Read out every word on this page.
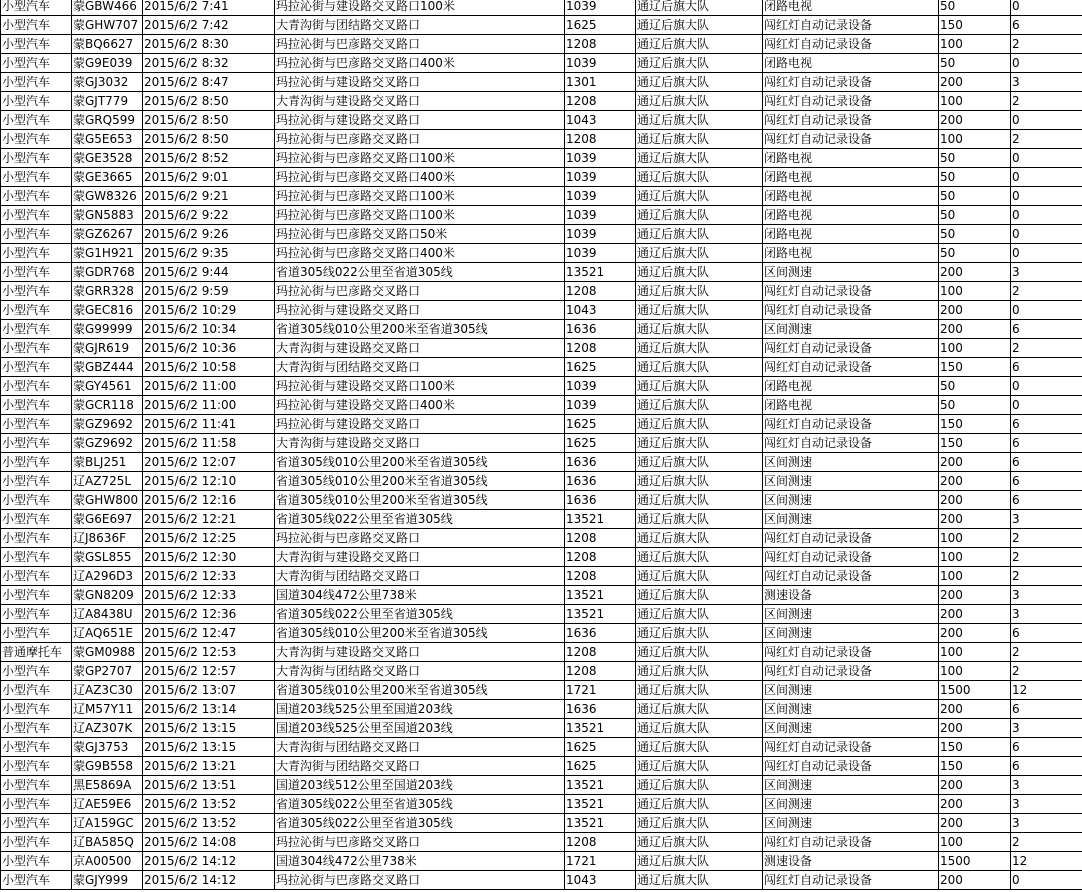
小型汽车	蒙GBW466	2015/6/2 7:41	玛拉沁街与建设路交叉路口100米	1039	通辽后旗大队	闭路电视	50	0
小型汽车	蒙GHW707	2015/6/2 7:42	大青沟街与团结路交叉路口	1625	通辽后旗大队	闯红灯自动记录设备	150	6
小型汽车	蒙BQ6627	2015/6/2 8:30	玛拉沁街与巴彦路交叉路口	1208	通辽后旗大队	闯红灯自动记录设备	100	2
小型汽车	蒙G9E039	2015/6/2 8:32	玛拉沁街与巴彦路交叉路口400米	1039	通辽后旗大队	闭路电视	50	0
小型汽车	蒙GJ3032	2015/6/2 8:47	玛拉沁街与建设路交叉路口	1301	通辽后旗大队	闯红灯自动记录设备	200	3
小型汽车	蒙GJT779	2015/6/2 8:50	大青沟街与建设路交叉路口	1208	通辽后旗大队	闯红灯自动记录设备	100	2
小型汽车	蒙GRQ599	2015/6/2 8:50	玛拉沁街与建设路交叉路口	1043	通辽后旗大队	闯红灯自动记录设备	200	0
小型汽车	蒙G5E653	2015/6/2 8:50	玛拉沁街与巴彦路交叉路口	1208	通辽后旗大队	闯红灯自动记录设备	100	2
小型汽车	蒙GE3528	2015/6/2 8:52	玛拉沁街与巴彦路交叉路口100米	1039	通辽后旗大队	闭路电视	50	0
小型汽车	蒙GE3665	2015/6/2 9:01	玛拉沁街与巴彦路交叉路口400米	1039	通辽后旗大队	闭路电视	50	0
小型汽车	蒙GW8326	2015/6/2 9:21	玛拉沁街与巴彦路交叉路口100米	1039	通辽后旗大队	闭路电视	50	0
小型汽车	蒙GN5883	2015/6/2 9:22	玛拉沁街与巴彦路交叉路口100米	1039	通辽后旗大队	闭路电视	50	0
小型汽车	蒙GZ6267	2015/6/2 9:26	玛拉沁街与巴彦路交叉路口50米	1039	通辽后旗大队	闭路电视	50	0
小型汽车	蒙G1H921	2015/6/2 9:35	玛拉沁街与巴彦路交叉路口400米	1039	通辽后旗大队	闭路电视	50	0
小型汽车	蒙GDR768	2015/6/2 9:44	省道305线022公里至省道305线	13521	通辽后旗大队	区间测速	200	3
小型汽车	蒙GRR328	2015/6/2 9:59	玛拉沁街与巴彦路交叉路口	1208	通辽后旗大队	闯红灯自动记录设备	100	2
小型汽车	蒙GEC816	2015/6/2 10:29	玛拉沁街与建设路交叉路口	1043	通辽后旗大队	闯红灯自动记录设备	200	0
小型汽车	蒙G99999	2015/6/2 10:34	省道305线010公里200米至省道305线	1636	通辽后旗大队	区间测速	200	6
小型汽车	蒙GJR619	2015/6/2 10:36	大青沟街与建设路交叉路口	1208	通辽后旗大队	闯红灯自动记录设备	100	2
小型汽车	蒙GBZ444	2015/6/2 10:58	大青沟街与团结路交叉路口	1625	通辽后旗大队	闯红灯自动记录设备	150	6
小型汽车	蒙GY4561	2015/6/2 11:00	玛拉沁街与建设路交叉路口100米	1039	通辽后旗大队	闭路电视	50	0
小型汽车	蒙GCR118	2015/6/2 11:00	玛拉沁街与建设路交叉路口400米	1039	通辽后旗大队	闭路电视	50	0
小型汽车	蒙GZ9692	2015/6/2 11:41	玛拉沁街与建设路交叉路口	1625	通辽后旗大队	闯红灯自动记录设备	150	6
小型汽车	蒙GZ9692	2015/6/2 11:58	大青沟街与建设路交叉路口	1625	通辽后旗大队	闯红灯自动记录设备	150	6
小型汽车	蒙BLJ251	2015/6/2 12:07	省道305线010公里200米至省道305线	1636	通辽后旗大队	区间测速	200	6
小型汽车	辽AZ725L	2015/6/2 12:10	省道305线010公里200米至省道305线	1636	通辽后旗大队	区间测速	200	6
小型汽车	蒙GHW800	2015/6/2 12:16	省道305线010公里200米至省道305线	1636	通辽后旗大队	区间测速	200	6
小型汽车	蒙G6E697	2015/6/2 12:21	省道305线022公里至省道305线	13521	通辽后旗大队	区间测速	200	3
小型汽车	辽J8636F	2015/6/2 12:25	玛拉沁街与巴彦路交叉路口	1208	通辽后旗大队	闯红灯自动记录设备	100	2
小型汽车	蒙GSL855	2015/6/2 12:30	大青沟街与建设路交叉路口	1208	通辽后旗大队	闯红灯自动记录设备	100	2
小型汽车	辽A296D3	2015/6/2 12:33	大青沟街与团结路交叉路口	1208	通辽后旗大队	闯红灯自动记录设备	100	2
小型汽车	蒙GN8209	2015/6/2 12:33	国道304线472公里738米	13521	通辽后旗大队	测速设备	200	3
小型汽车	辽A8438U	2015/6/2 12:36	省道305线022公里至省道305线	13521	通辽后旗大队	区间测速	200	3
小型汽车	辽AQ651E	2015/6/2 12:47	省道305线010公里200米至省道305线	1636	通辽后旗大队	区间测速	200	6
普通摩托车	蒙GM0988	2015/6/2 12:53	大青沟街与建设路交叉路口	1208	通辽后旗大队	闯红灯自动记录设备	100	2
小型汽车	蒙GP2707	2015/6/2 12:57	大青沟街与团结路交叉路口	1208	通辽后旗大队	闯红灯自动记录设备	100	2
小型汽车	辽AZ3C30	2015/6/2 13:07	省道305线010公里200米至省道305线	1721	通辽后旗大队	区间测速	1500	12
小型汽车	辽M57Y11	2015/6/2 13:14	国道203线525公里至国道203线	1636	通辽后旗大队	区间测速	200	6
小型汽车	辽AZ307K	2015/6/2 13:15	国道203线525公里至国道203线	13521	通辽后旗大队	区间测速	200	3
小型汽车	蒙GJ3753	2015/6/2 13:15	大青沟街与团结路交叉路口	1625	通辽后旗大队	闯红灯自动记录设备	150	6
小型汽车	蒙G9B558	2015/6/2 13:21	大青沟街与团结路交叉路口	1625	通辽后旗大队	闯红灯自动记录设备	150	6
小型汽车	黑E5869A	2015/6/2 13:51	国道203线512公里至国道203线	13521	通辽后旗大队	区间测速	200	3
小型汽车	辽AE59E6	2015/6/2 13:52	省道305线022公里至省道305线	13521	通辽后旗大队	区间测速	200	3
小型汽车	辽A159GC	2015/6/2 13:52	省道305线022公里至省道305线	13521	通辽后旗大队	区间测速	200	3
小型汽车	辽BA585Q	2015/6/2 14:08	玛拉沁街与巴彦路交叉路口	1208	通辽后旗大队	闯红灯自动记录设备	100	2
小型汽车	京A00500	2015/6/2 14:12	国道304线472公里738米	1721	通辽后旗大队	测速设备	1500	12
小型汽车	蒙GJY999	2015/6/2 14:12	玛拉沁街与巴彦路交叉路口	1043	通辽后旗大队	闯红灯自动记录设备	200	0
